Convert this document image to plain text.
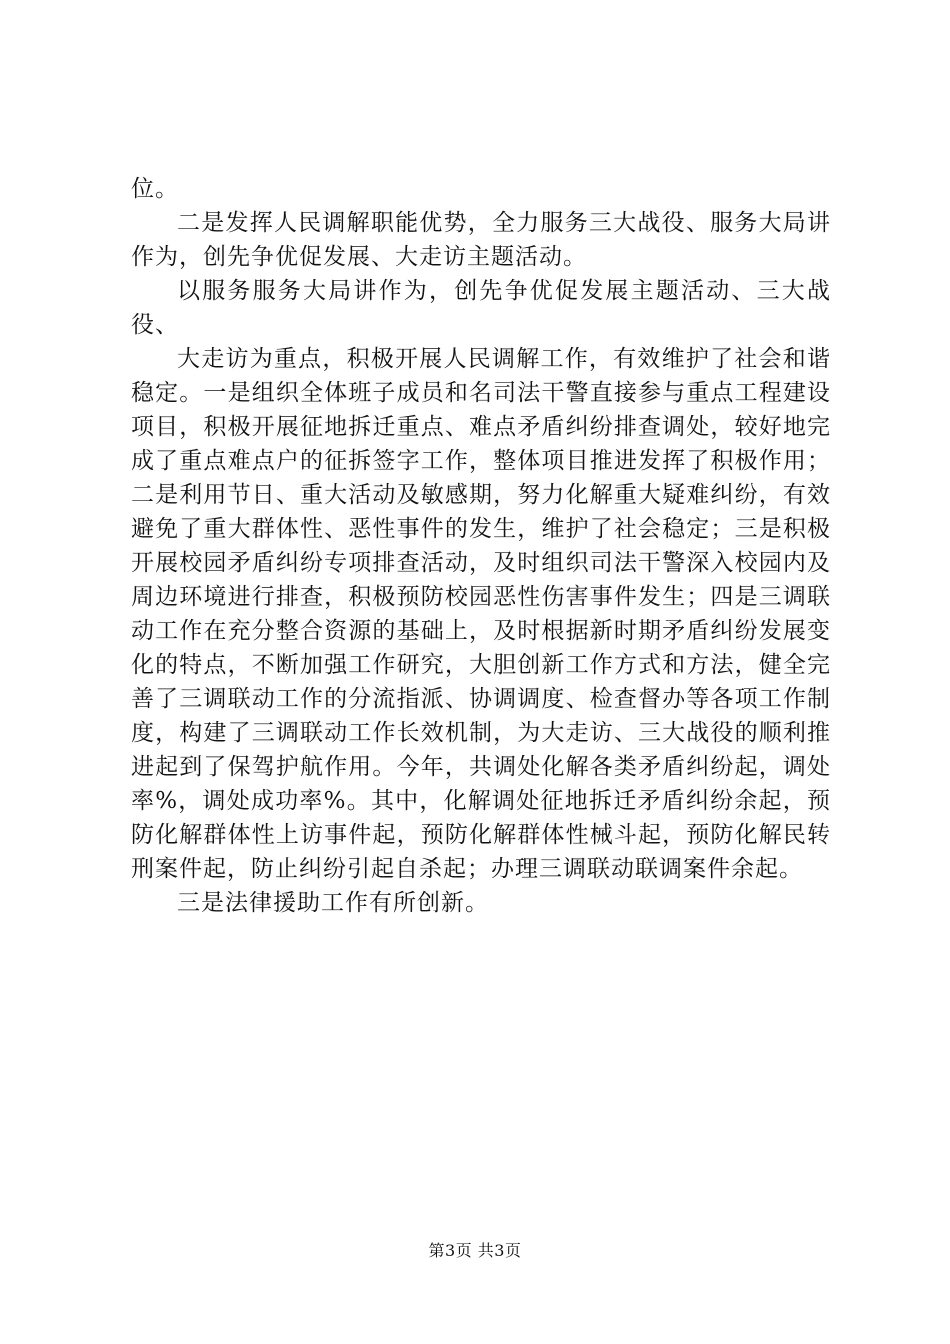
位。

二是发挥人民调解职能优势，全力服务三大战役、服务大局讲作为，创先争优促发展、大走访主题活动。

以服务服务大局讲作为，创先争优促发展主题活动、三大战役、

大走访为重点，积极开展人民调解工作，有效维护了社会和谐稳定。一是组织全体班子成员和名司法干警直接参与重点工程建设项目，积极开展征地拆迁重点、难点矛盾纠纷排查调处，较好地完成了重点难点户的征拆签字工作，整体项目推进发挥了积极作用；二是利用节日、重大活动及敏感期，努力化解重大疑难纠纷，有效避免了重大群体性、恶性事件的发生，维护了社会稳定；三是积极开展校园矛盾纠纷专项排查活动，及时组织司法干警深入校园内及周边环境进行排查，积极预防校园恶性伤害事件发生；四是三调联动工作在充分整合资源的基础上，及时根据新时期矛盾纠纷发展变化的特点，不断加强工作研究，大胆创新工作方式和方法，健全完善了三调联动工作的分流指派、协调调度、检查督办等各项工作制度，构建了三调联动工作长效机制，为大走访、三大战役的顺利推进起到了保驾护航作用。今年，共调处化解各类矛盾纠纷起，调处率%，调处成功率%。其中，化解调处征地拆迁矛盾纠纷余起，预防化解群体性上访事件起，预防化解群体性械斗起，预防化解民转刑案件起，防止纠纷引起自杀起；办理三调联动联调案件余起。

三是法律援助工作有所创新。

第3页 共3页
